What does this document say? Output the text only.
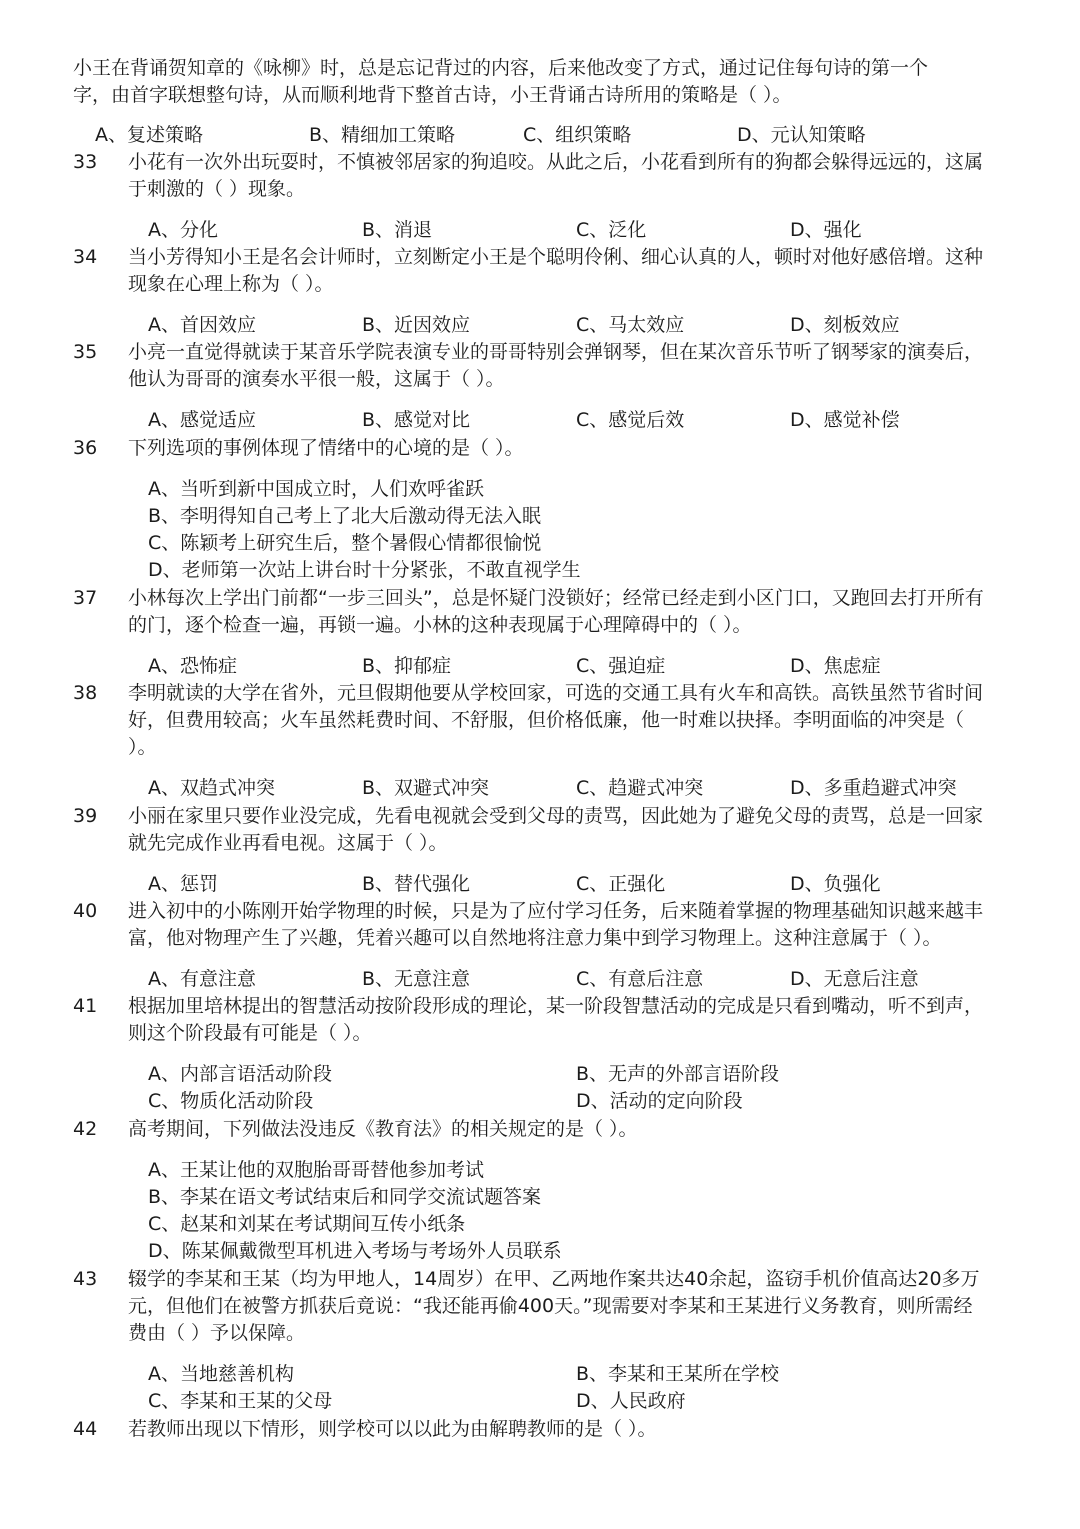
小王在背诵贺知章的《咏柳》时，总是忘记背过的内容，后来他改变了方式，通过记住每句诗的第一个字，由首字联想整句诗，从而顺利地背下整首古诗，小王背诵古诗所用的策略是（ ）。
A、复述策略	B、精细加工策略	C、组织策略	D、元认知策略
33	小花有一次外出玩耍时，不慎被邻居家的狗追咬。从此之后，小花看到所有的狗都会躲得远远的，这属于刺激的（ ）现象。
A、分化	B、消退	C、泛化	D、强化
34	当小芳得知小王是名会计师时，立刻断定小王是个聪明伶俐、细心认真的人，顿时对他好感倍增。这种现象在心理上称为（ ）。
A、首因效应	B、近因效应	C、马太效应	D、刻板效应
35	小亮一直觉得就读于某音乐学院表演专业的哥哥特别会弹钢琴，但在某次音乐节听了钢琴家的演奏后，他认为哥哥的演奏水平很一般，这属于（ ）。
A、感觉适应	B、感觉对比	C、感觉后效	D、感觉补偿
36	下列选项的事例体现了情绪中的心境的是（ ）。
A、当听到新中国成立时，人们欢呼雀跃
B、李明得知自己考上了北大后激动得无法入眠
C、陈颖考上研究生后，整个暑假心情都很愉悦
D、老师第一次站上讲台时十分紧张，不敢直视学生
37	小林每次上学出门前都“一步三回头”，总是怀疑门没锁好；经常已经走到小区门口，又跑回去打开所有的门，逐个检查一遍，再锁一遍。小林的这种表现属于心理障碍中的（ ）。
A、恐怖症	B、抑郁症	C、强迫症	D、焦虑症
38	李明就读的大学在省外，元旦假期他要从学校回家，可选的交通工具有火车和高铁。高铁虽然节省时间好，但费用较高；火车虽然耗费时间、不舒服，但价格低廉，他一时难以抉择。李明面临的冲突是（ ）。
A、双趋式冲突	B、双避式冲突	C、趋避式冲突	D、多重趋避式冲突
39	小丽在家里只要作业没完成，先看电视就会受到父母的责骂，因此她为了避免父母的责骂，总是一回家就先完成作业再看电视。这属于（ ）。
A、惩罚	B、替代强化	C、正强化	D、负强化
40	进入初中的小陈刚开始学物理的时候，只是为了应付学习任务，后来随着掌握的物理基础知识越来越丰富，他对物理产生了兴趣，凭着兴趣可以自然地将注意力集中到学习物理上。这种注意属于（ ）。
A、有意注意	B、无意注意	C、有意后注意	D、无意后注意
41	根据加里培林提出的智慧活动按阶段形成的理论，某一阶段智慧活动的完成是只看到嘴动，听不到声，则这个阶段最有可能是（ ）。
A、内部言语活动阶段	B、无声的外部言语阶段
C、物质化活动阶段	D、活动的定向阶段
42	高考期间，下列做法没违反《教育法》的相关规定的是（ ）。
A、王某让他的双胞胎哥哥替他参加考试
B、李某在语文考试结束后和同学交流试题答案
C、赵某和刘某在考试期间互传小纸条
D、陈某佩戴微型耳机进入考场与考场外人员联系
43	辍学的李某和王某（均为甲地人，14周岁）在甲、乙两地作案共达40余起，盗窃手机价值高达20多万元，但他们在被警方抓获后竟说：“我还能再偷400天。”现需要对李某和王某进行义务教育，则所需经费由（ ）予以保障。
A、当地慈善机构	B、李某和王某所在学校
C、李某和王某的父母	D、人民政府
44	若教师出现以下情形，则学校可以以此为由解聘教师的是（ ）。
